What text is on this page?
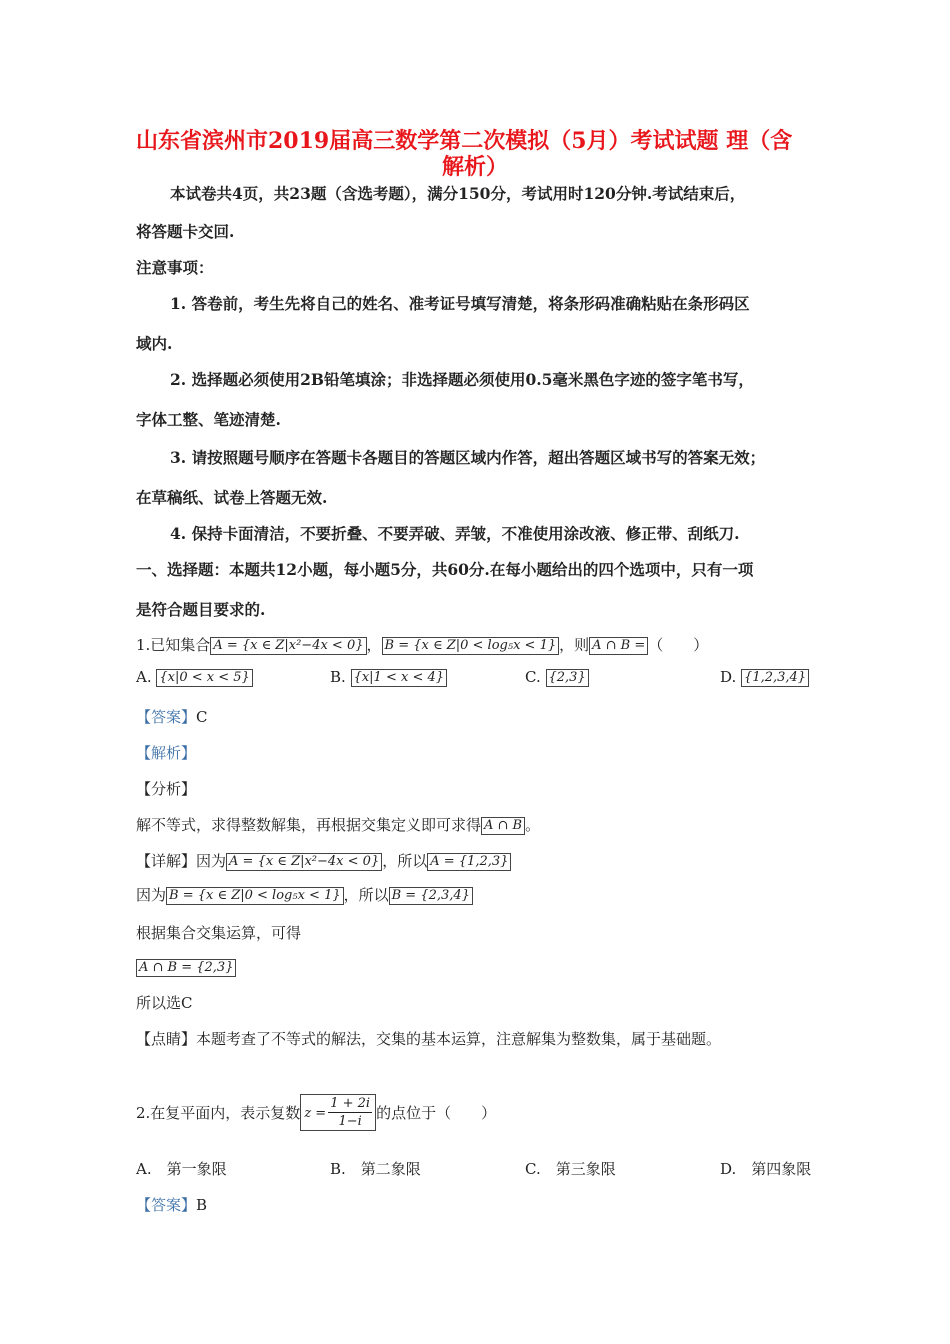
山东省滨州市2019届高三数学第二次模拟（5月）考试试题 理（含
解析）
本试卷共4页，共23题（含选考题），满分150分，考试用时120分钟.考试结束后，
将答题卡交回.
注意事项：
1. 答卷前，考生先将自己的姓名、准考证号填写清楚，将条形码准确粘贴在条形码区
域内.
2. 选择题必须使用2B铅笔填涂；非选择题必须使用0.5毫米黑色字迹的签字笔书写，
字体工整、笔迹清楚.
3. 请按照题号顺序在答题卡各题目的答题区域内作答，超出答题区域书写的答案无效；
在草稿纸、试卷上答题无效.
4. 保持卡面清洁，不要折叠、不要弄破、弄皱，不准使用涂改液、修正带、刮纸刀.
一、选择题：本题共12小题，每小题5分，共60分.在每小题给出的四个选项中，只有一项
是符合题目要求的.
1.已知集合 A = {x ∈ Z|x²−4x < 0} ， B = {x ∈ Z|0 < log₅x < 1} ，则 A ∩ B = （　　）
A. {x|0 < x < 5}	B. {x|1 < x < 4}	C. {2,3}	D. {1,2,3,4}
【答案】C
【解析】
【分析】
解不等式，求得整数解集，再根据交集定义即可求得 A ∩ B 。
【详解】因为 A = {x ∈ Z|x²−4x < 0} ，所以 A = {1,2,3}
因为 B = {x ∈ Z|0 < log₅x < 1} ，所以 B = {2,3,4}
根据集合交集运算，可得
A ∩ B = {2,3}
所以选C
【点睛】本题考查了不等式的解法，交集的基本运算，注意解集为整数集，属于基础题。
2.在复平面内，表示复数 $z = \frac{1 + 2i}{1-i}$ 的点位于（　　）
A.　第一象限	B.　第二象限	C.　第三象限	D.　第四象限
【答案】B
